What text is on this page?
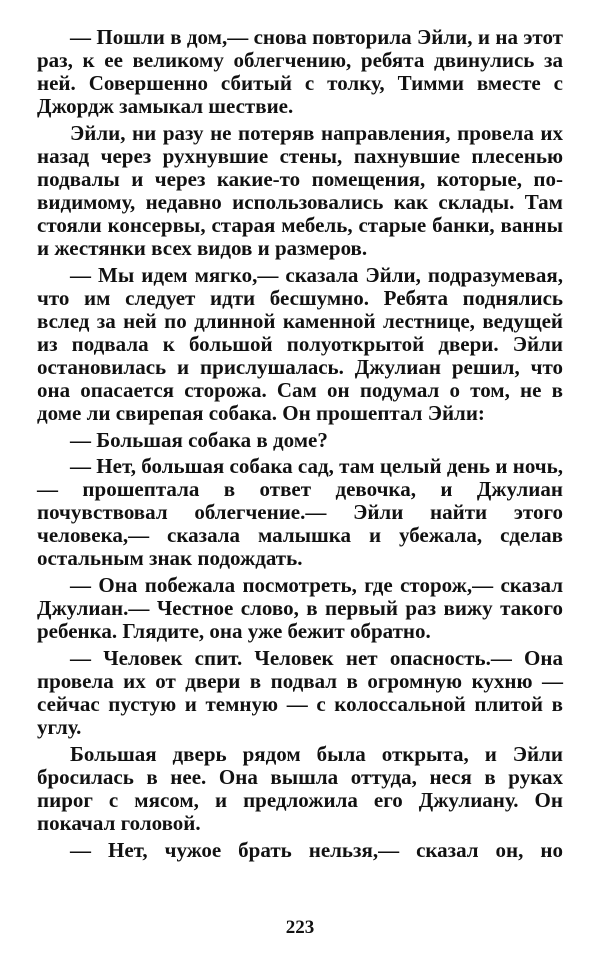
— Пошли в дом,— снова повторила Эйли, и на этот раз, к ее великому облегчению, ребята двинулись за ней. Совершенно сбитый с толку, Тимми вместе с Джордж замыкал шествие.

Эйли, ни разу не потеряв направления, провела их назад через рухнувшие стены, пахнувшие плесенью подвалы и через какие-то помещения, которые, по-видимому, недавно использовались как склады. Там стояли консервы, старая мебель, старые банки, ванны и жестянки всех видов и размеров.

— Мы идем мягко,— сказала Эйли, подразумевая, что им следует идти бесшумно. Ребята поднялись вслед за ней по длинной каменной лестнице, ведущей из подвала к большой полуоткрытой двери. Эйли остановилась и прислушалась. Джулиан решил, что она опасается сторожа. Сам он подумал о том, не в доме ли свирепая собака. Он прошептал Эйли:

— Большая собака в доме?

— Нет, большая собака сад, там целый день и ночь,— прошептала в ответ девочка, и Джулиан почувствовал облегчение.— Эйли найти этого человека,— сказала малышка и убежала, сделав остальным знак подождать.

— Она побежала посмотреть, где сторож,— сказал Джулиан.— Честное слово, в первый раз вижу такого ребенка. Глядите, она уже бежит обратно.

— Человек спит. Человек нет опасность.— Она провела их от двери в подвал в огромную кухню — сейчас пустую и темную — с колоссальной плитой в углу.

Большая дверь рядом была открыта, и Эйли бросилась в нее. Она вышла оттуда, неся в руках пирог с мясом, и предложила его Джулиану. Он покачал головой.

— Нет, чужое брать нельзя,— сказал он, но

223
